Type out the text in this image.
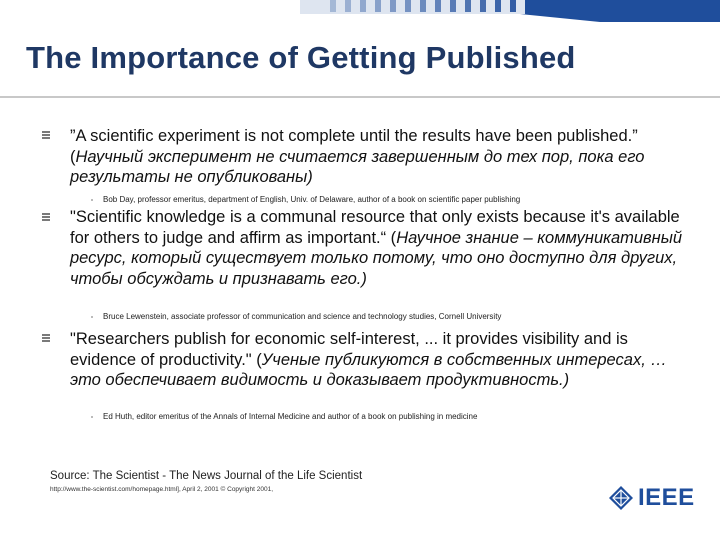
The Importance of Getting Published

”A scientific experiment is not complete until the results have been published.” (Научный эксперимент не считается завершенным до тех пор, пока его результаты не опубликованы)

Bob Day, professor emeritus, department of English, Univ. of Delaware, author of a book on scientific paper publishing

"Scientific knowledge is a communal resource that only exists because it's available for others to judge and affirm as important.“ (Научное знание – коммуникативный ресурс, который существует только потому, что оно доступно для других, чтобы обсуждать и признавать его.)

Bruce Lewenstein, associate professor of communication and science and technology studies, Cornell University

"Researchers publish for economic self-interest, ... it provides visibility and is evidence of productivity." (Ученые публикуются в собственных интересах, … это обеспечивает видимость и доказывает продуктивность.)

Ed Huth, editor emeritus of the Annals of Internal Medicine and author of a book on publishing in medicine
Source: The Scientist - The News Journal of the Life Scientist
http://www.the-scientist.com/homepage.html], April 2, 2001 © Copyright 2001,	IEEE
